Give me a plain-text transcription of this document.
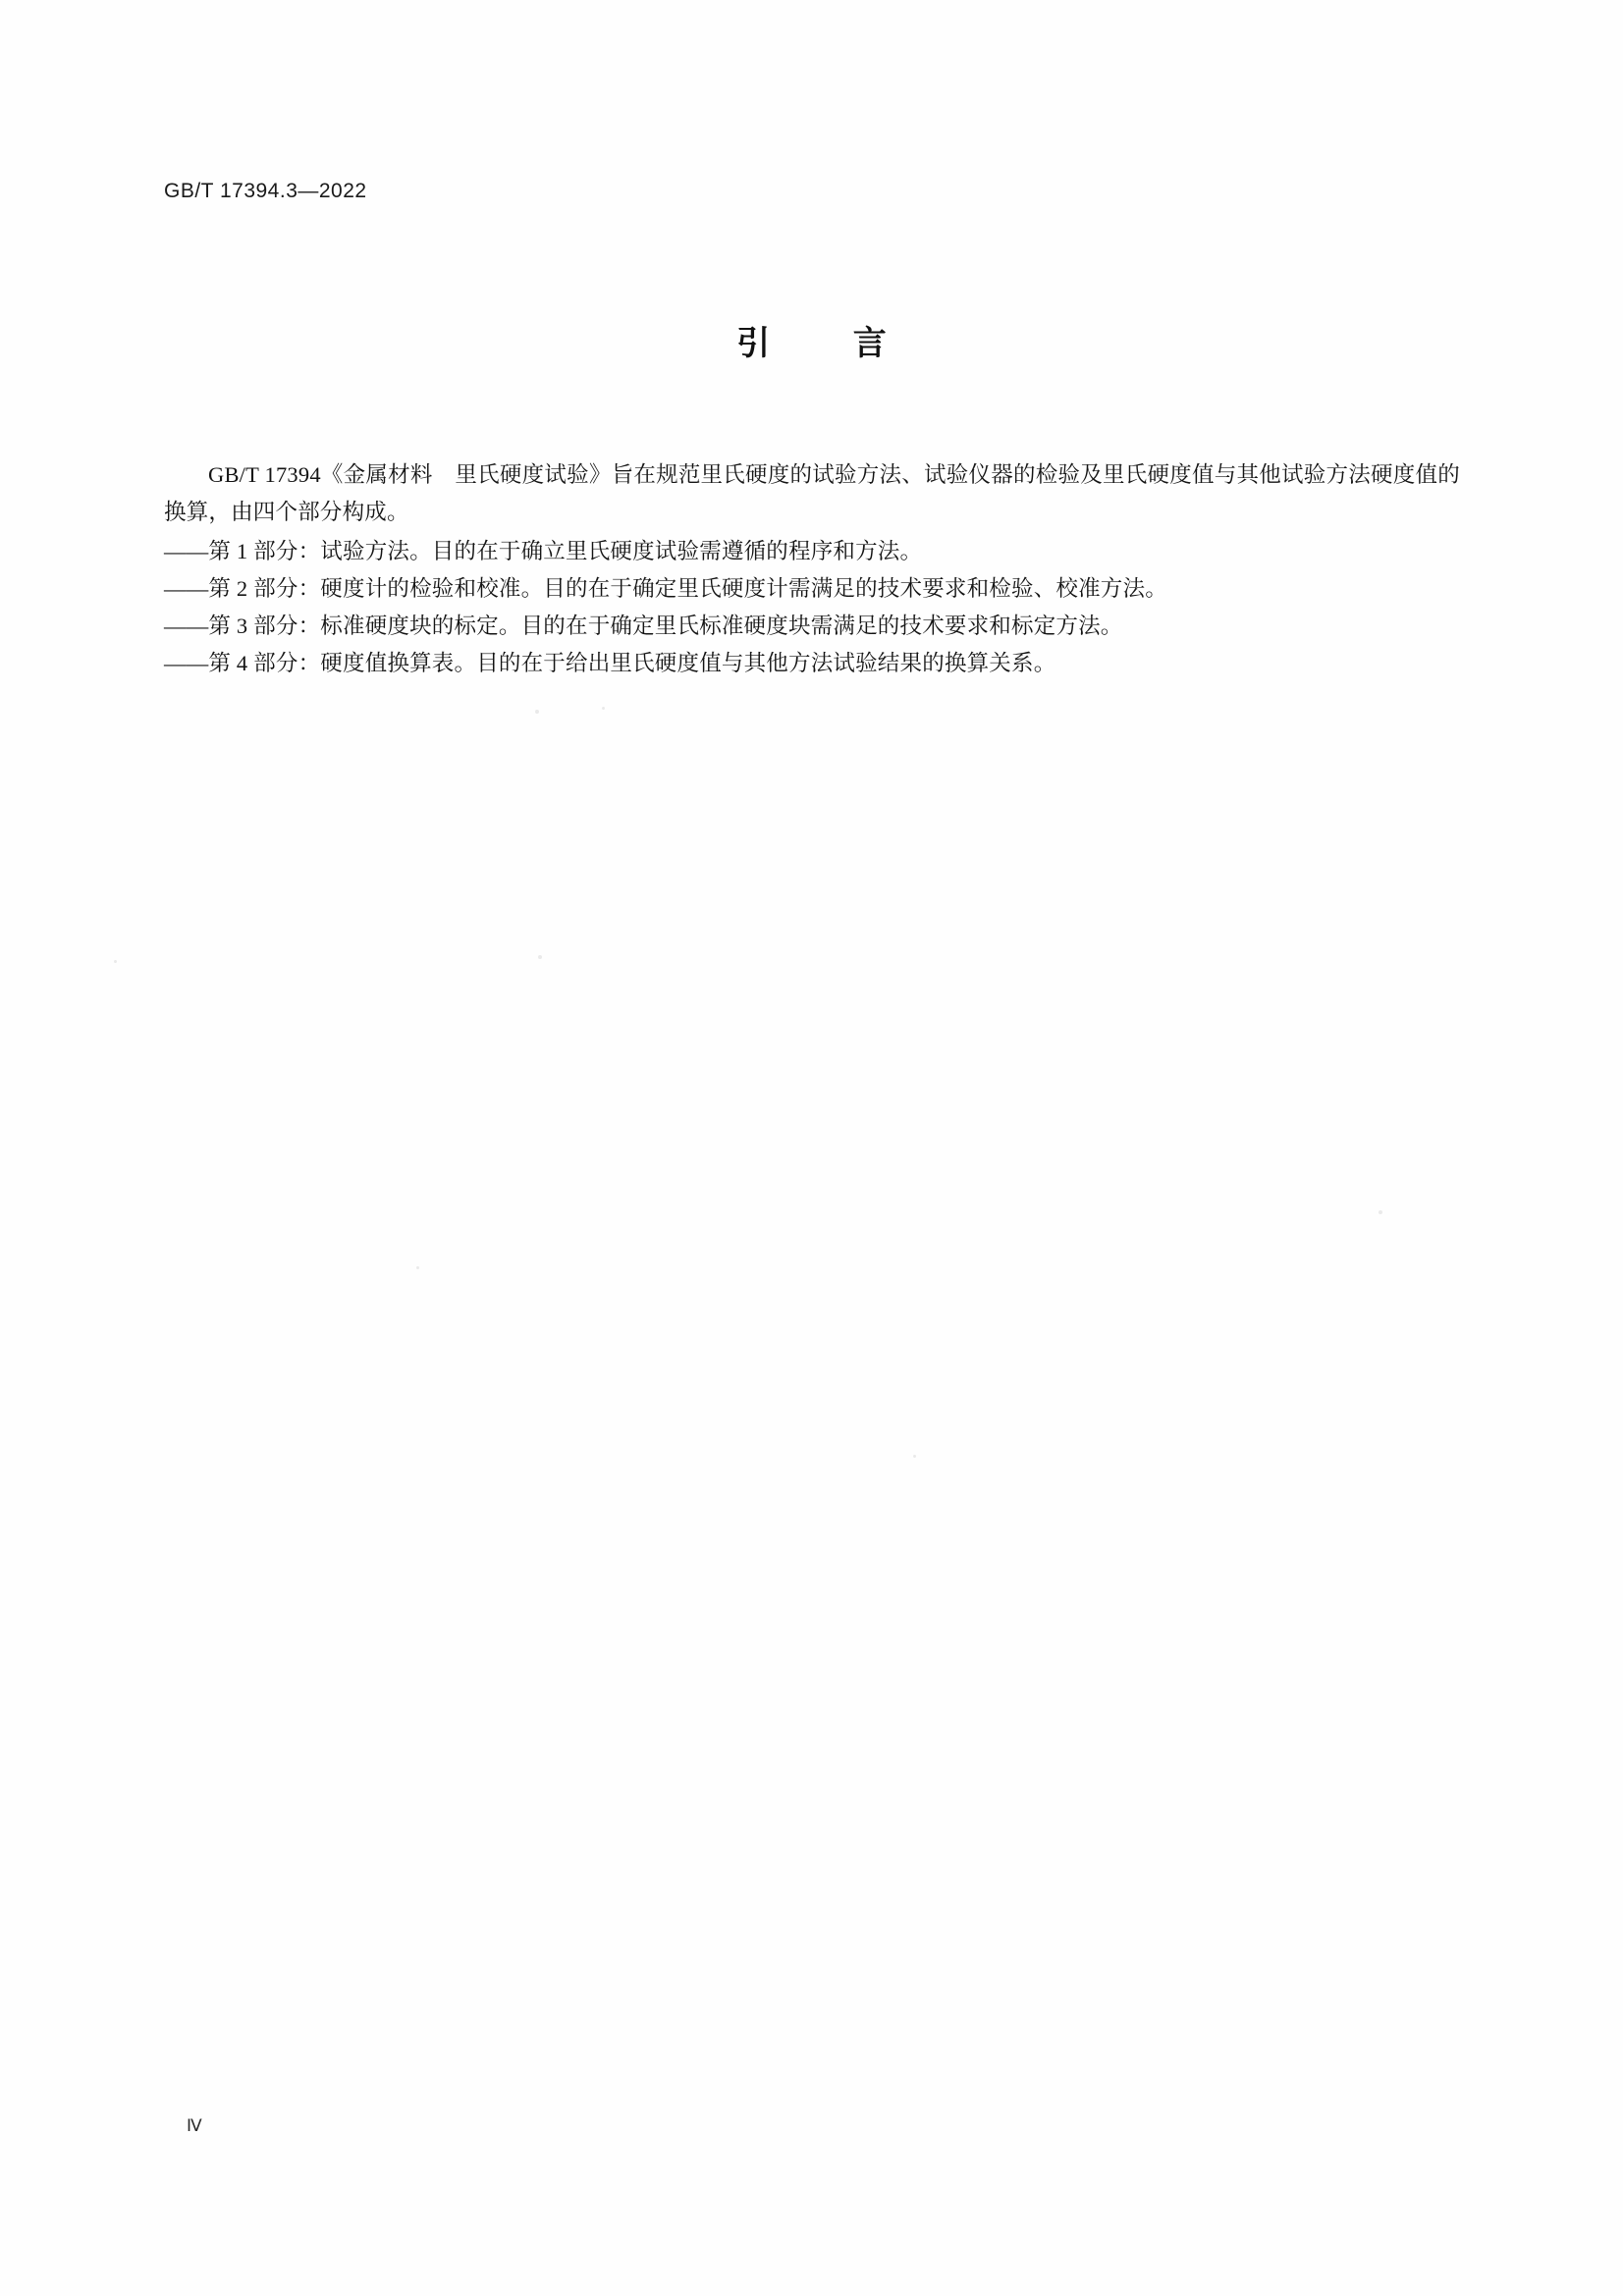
GB/T 17394.3—2022
引 言

GB/T 17394《金属材料　里氏硬度试验》旨在规范里氏硬度的试验方法、试验仪器的检验及里氏硬度值与其他试验方法硬度值的换算，由四个部分构成。

——第 1 部分：试验方法。目的在于确立里氏硬度试验需遵循的程序和方法。

——第 2 部分：硬度计的检验和校准。目的在于确定里氏硬度计需满足的技术要求和检验、校准方法。

——第 3 部分：标准硬度块的标定。目的在于确定里氏标准硬度块需满足的技术要求和标定方法。

——第 4 部分：硬度值换算表。目的在于给出里氏硬度值与其他方法试验结果的换算关系。

Ⅳ
